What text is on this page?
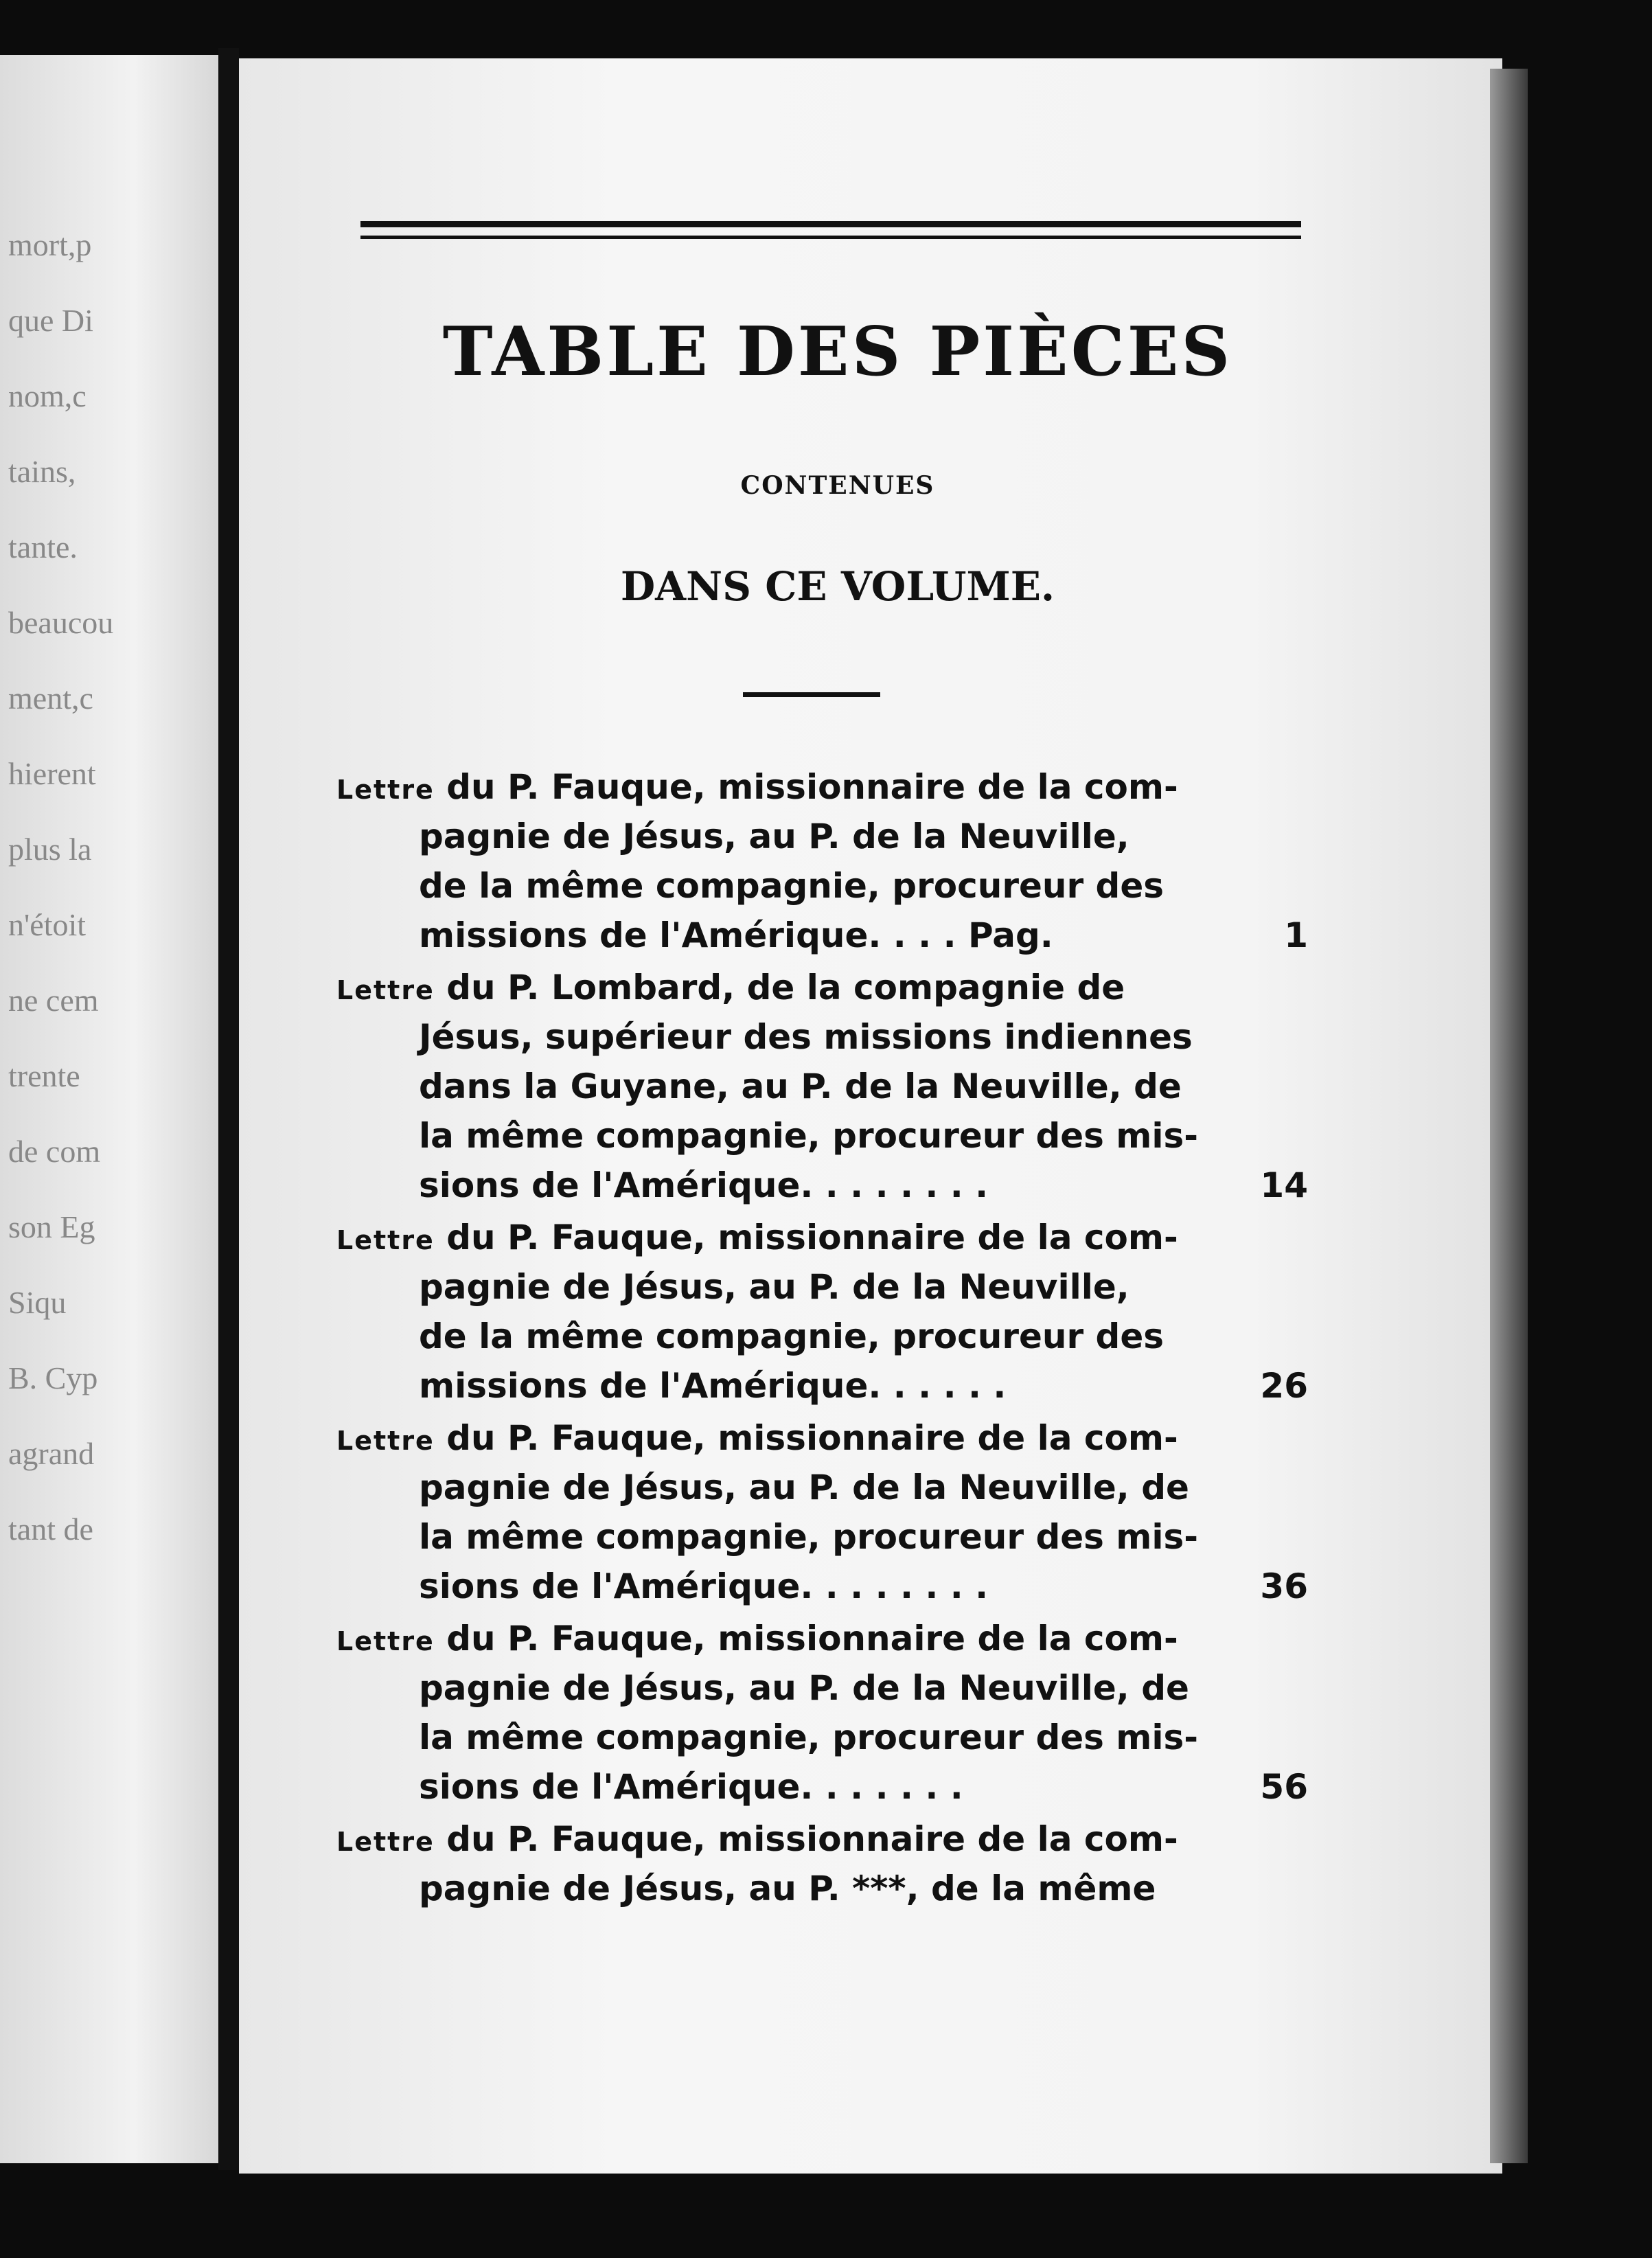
mort,p
que Di
nom,c
tains,
tante.
beaucou
ment,c
hierent
plus la
n'étoit
ne cem
trente
de com
son Eg
Siqu
B. Cyp
agrand
tant de
TABLE DES PIÈCES
CONTENUES
DANS CE VOLUME.
Lettre du P. Fauque, missionnaire de la com-
pagnie de Jésus, au P. de la Neuville,
de la même compagnie, procureur des
missions de l'Amérique. . . . Pag.	1
Lettre du P. Lombard, de la compagnie de
Jésus, supérieur des missions indiennes
dans la Guyane, au P. de la Neuville, de
la même compagnie, procureur des mis-
sions de l'Amérique. . . . . . . .	14
Lettre du P. Fauque, missionnaire de la com-
pagnie de Jésus, au P. de la Neuville,
de la même compagnie, procureur des
missions de l'Amérique. . . . . .	26
Lettre du P. Fauque, missionnaire de la com-
pagnie de Jésus, au P. de la Neuville, de
la même compagnie, procureur des mis-
sions de l'Amérique. . . . . . . .	36
Lettre du P. Fauque, missionnaire de la com-
pagnie de Jésus, au P. de la Neuville, de
la même compagnie, procureur des mis-
sions de l'Amérique. . . . . . .	56
Lettre du P. Fauque, missionnaire de la com-
pagnie de Jésus, au P. ***, de la même
